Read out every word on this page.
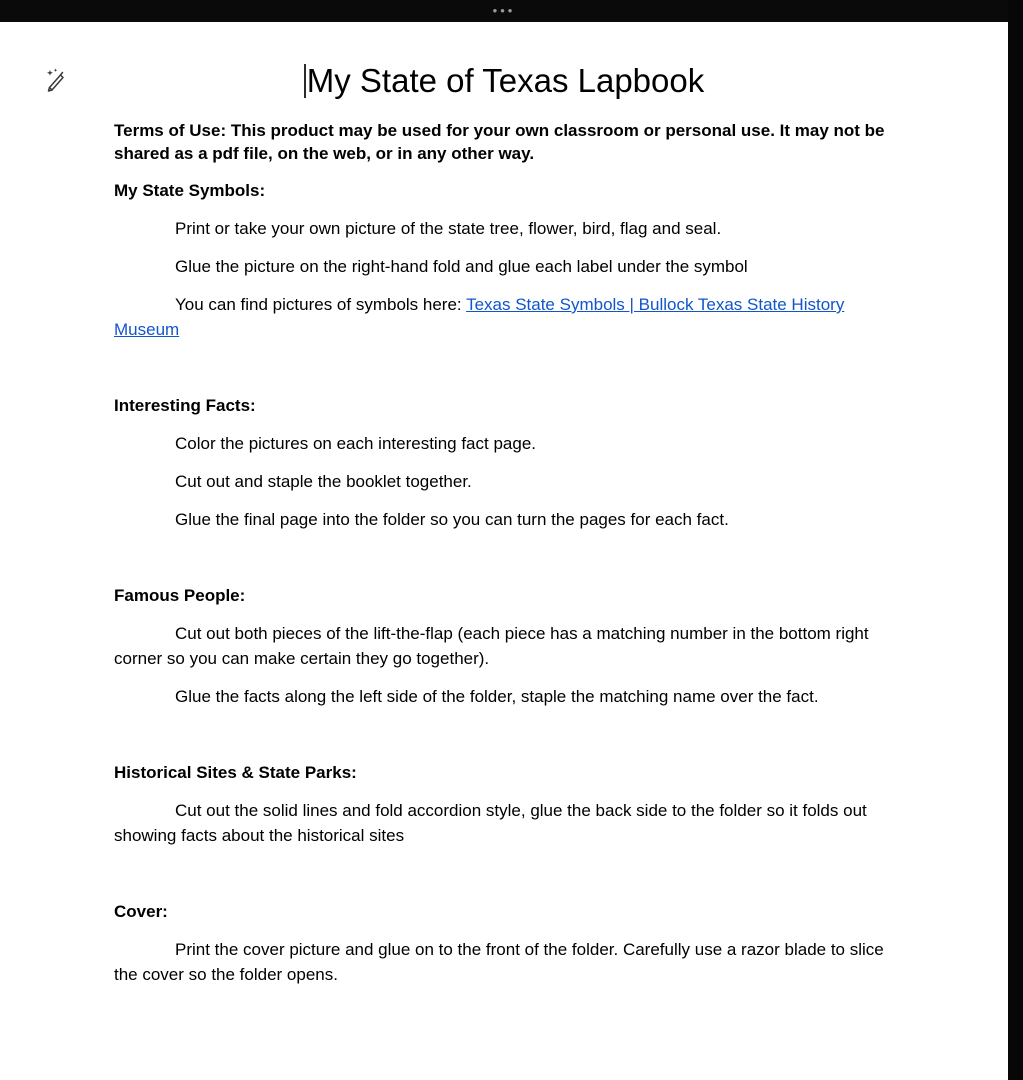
•••
My State of Texas Lapbook

Terms of Use: This product may be used for your own classroom or personal use. It may not be shared as a pdf file, on the web, or in any other way.

My State Symbols:

Print or take your own picture of the state tree, flower, bird, flag and seal.

Glue the picture on the right-hand fold and glue each label under the symbol

You can find pictures of symbols here: Texas State Symbols | Bullock Texas State History Museum

Interesting Facts:

Color the pictures on each interesting fact page.

Cut out and staple the booklet together.

Glue the final page into the folder so you can turn the pages for each fact.

Famous People:

Cut out both pieces of the lift-the-flap (each piece has a matching number in the bottom right corner so you can make certain they go together).

Glue the facts along the left side of the folder, staple the matching name over the fact.

Historical Sites & State Parks:

Cut out the solid lines and fold accordion style, glue the back side to the folder so it folds out showing facts about the historical sites

Cover:

Print the cover picture and glue on to the front of the folder. Carefully use a razor blade to slice the cover so the folder opens.
